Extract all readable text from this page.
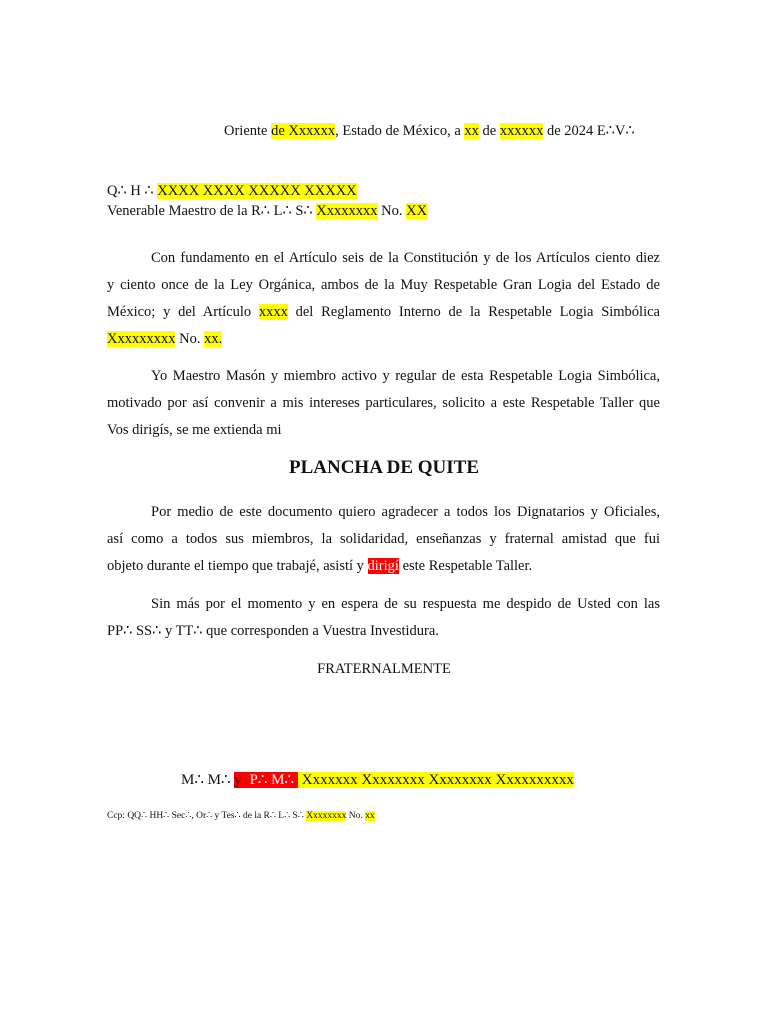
Oriente de Xxxxxx, Estado de México, a xx de xxxxxx de 2024 E∴V∴
Q∴ H ∴ XXXX XXXX XXXXX XXXXX
Venerable Maestro de la R∴ L∴ S∴ Xxxxxxxx No. XX
Con fundamento en el Artículo seis de la Constitución y de los Artículos ciento diez
y ciento once de la Ley Orgánica, ambos de la Muy Respetable Gran Logia del Estado de
México; y del Artículo xxxx del Reglamento Interno de la Respetable Logia Simbólica
Xxxxxxxxx No. xx.
Yo Maestro Masón y miembro activo y regular de esta Respetable Logia Simbólica,
motivado por así convenir a mis intereses particulares, solicito a este Respetable Taller que
Vos dirigís, se me extienda mi
PLANCHA DE QUITE
Por medio de este documento quiero agradecer a todos los Dignatarios y Oficiales,
así como a todos sus miembros, la solidaridad, enseñanzas y fraternal amistad que fui
objeto durante el tiempo que trabajé, asistí y dirigí este Respetable Taller.
Sin más por el momento y en espera de su respuesta me despido de Usted con las
PP∴ SS∴ y TT∴ que corresponden a Vuestra Investidura.
FRATERNALMENTE
M∴ M∴ y P∴ M∴ Xxxxxxx Xxxxxxxx Xxxxxxxx Xxxxxxxxxx
Ccp: QQ∴ HH∴ Sec∴, Or∴ y Tes∴ de la R∴ L∴ S∴ Xxxxxxxx No. xx
